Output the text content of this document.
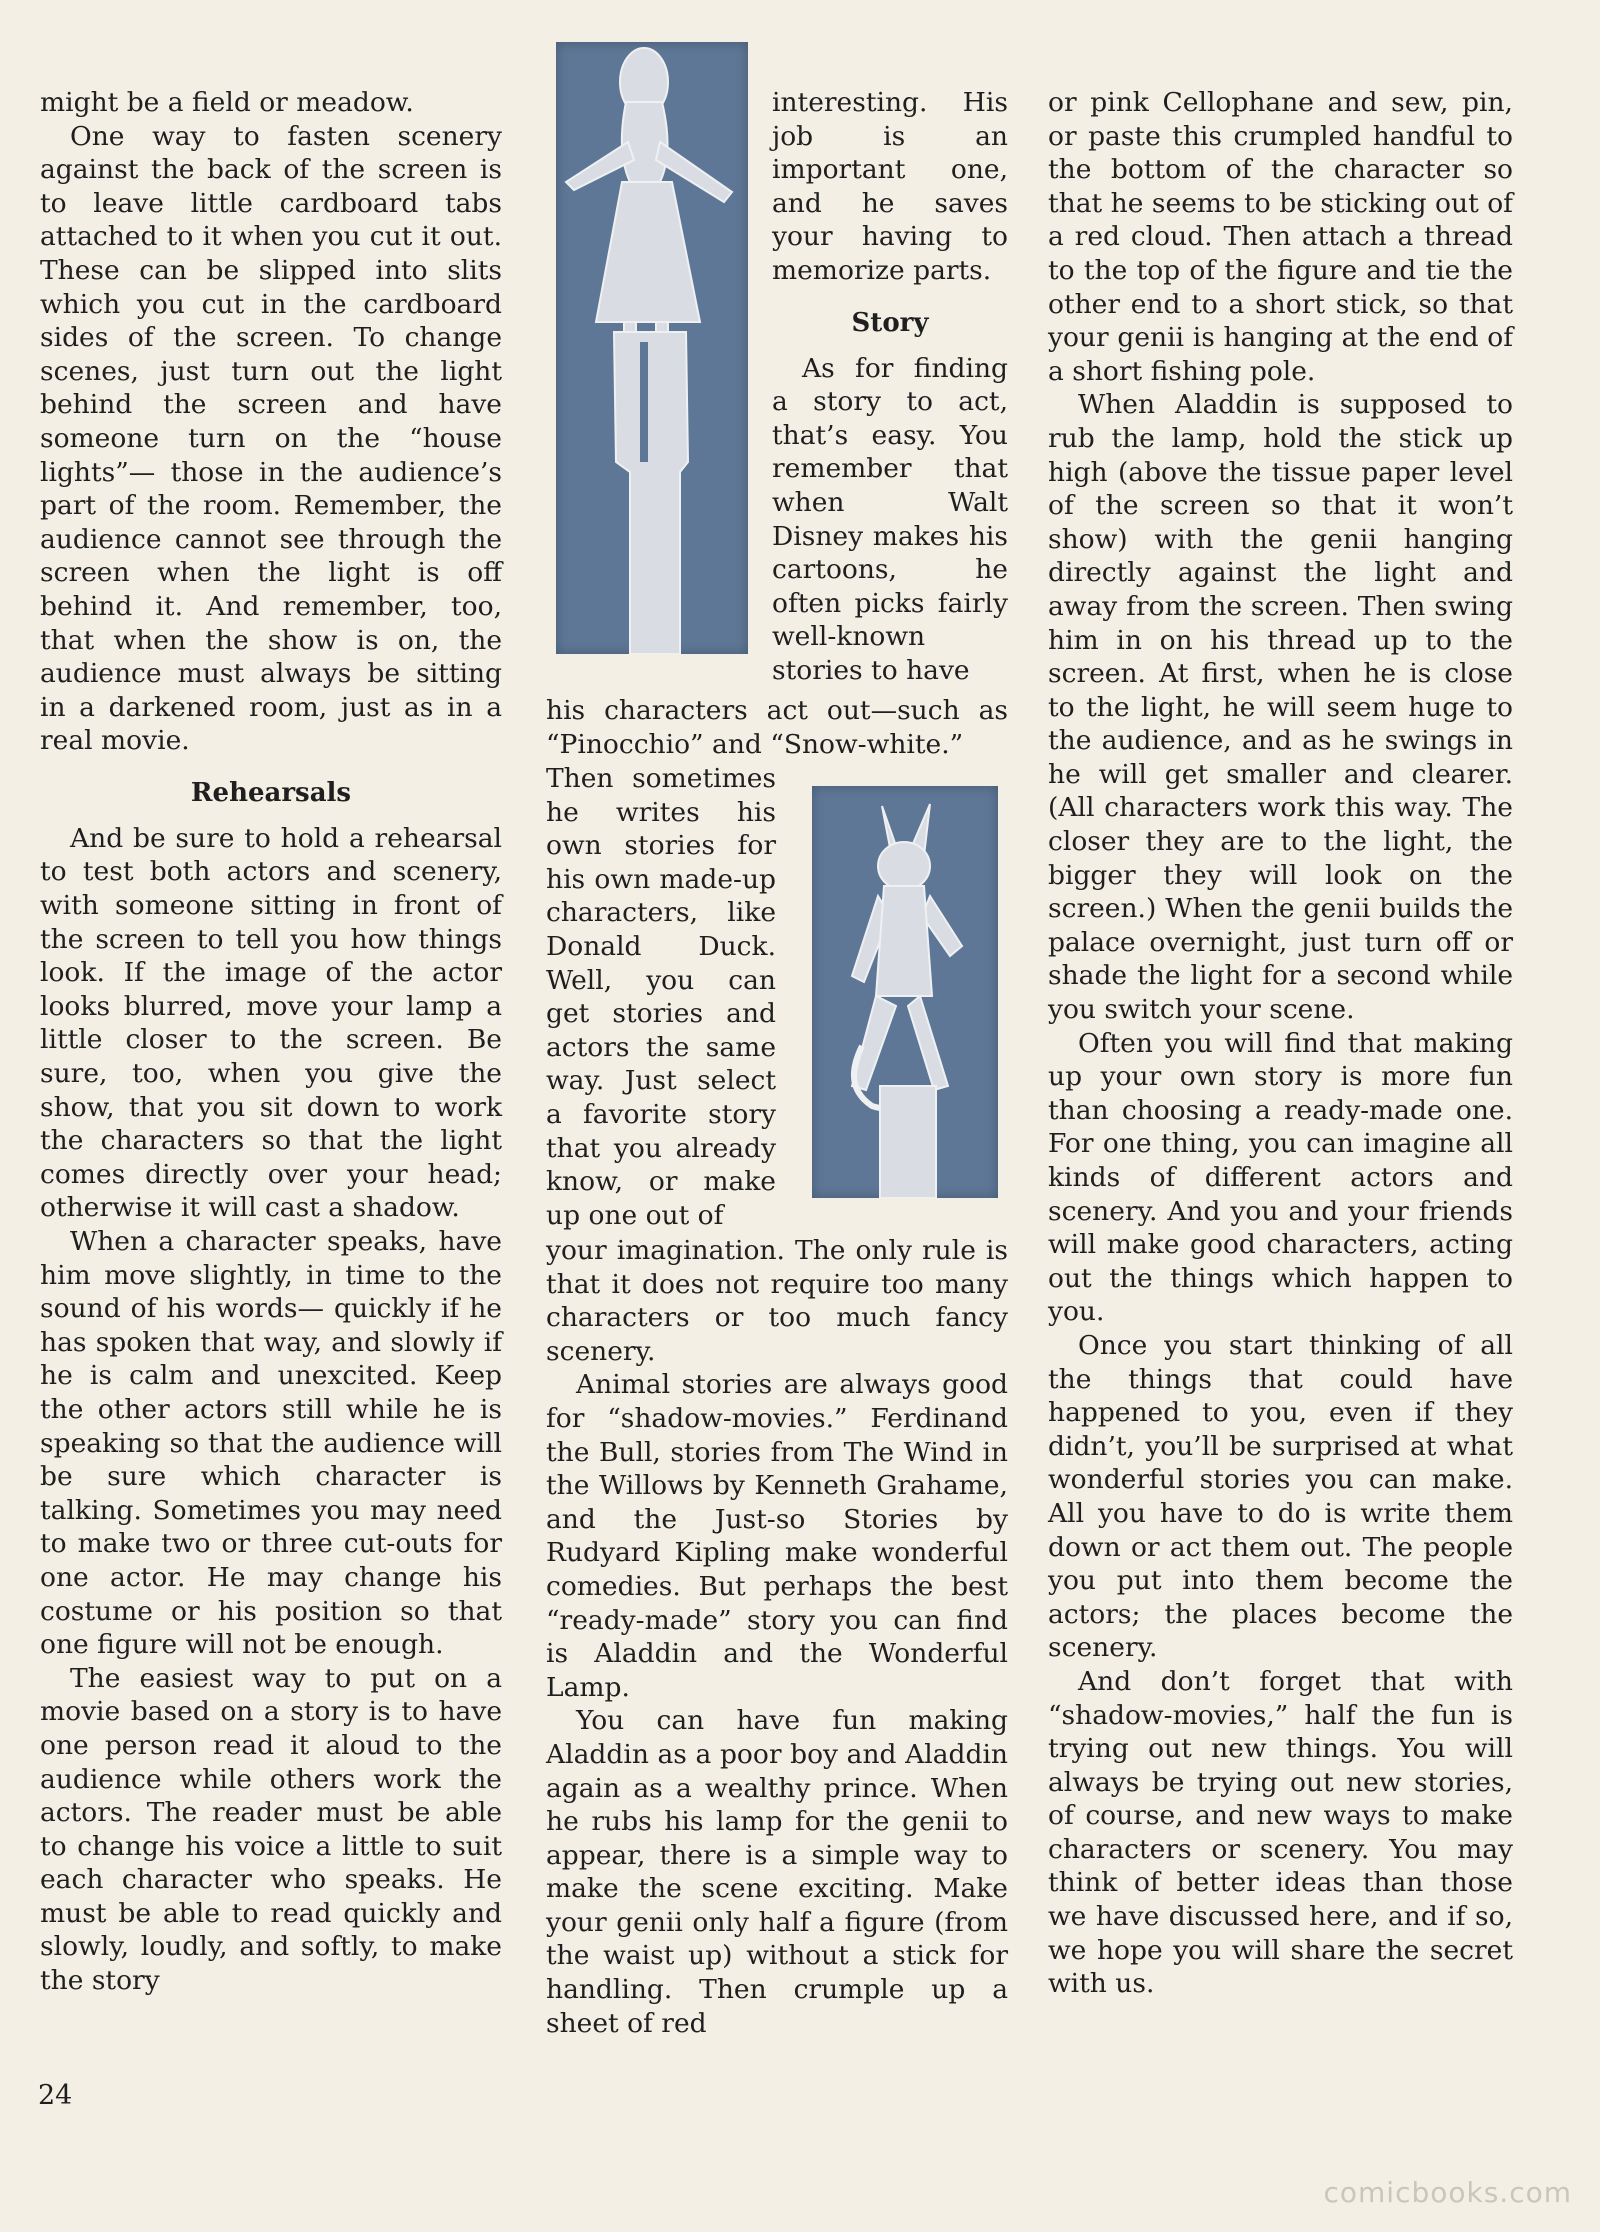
might be a field or meadow.

One way to fasten scenery against the back of the screen is to leave little cardboard tabs attached to it when you cut it out. These can be slipped into slits which you cut in the cardboard sides of the screen. To change scenes, just turn out the light behind the screen and have someone turn on the “house lights”— those in the audience’s part of the room. Remember, the audience cannot see through the screen when the light is off behind it. And remember, too, that when the show is on, the audience must always be sitting in a darkened room, just as in a real movie.

Rehearsals

And be sure to hold a rehearsal to test both actors and scenery, with someone sitting in front of the screen to tell you how things look. If the image of the actor looks blurred, move your lamp a little closer to the screen. Be sure, too, when you give the show, that you sit down to work the characters so that the light comes directly over your head; otherwise it will cast a shadow.

When a character speaks, have him move slightly, in time to the sound of his words— quickly if he has spoken that way, and slowly if he is calm and unexcited. Keep the other actors still while he is speaking so that the audience will be sure which character is talking. Sometimes you may need to make two or three cut-outs for one actor. He may change his costume or his position so that one figure will not be enough.

The easiest way to put on a movie based on a story is to have one person read it aloud to the audience while others work the actors. The reader must be able to change his voice a little to suit each character who speaks. He must be able to read quickly and slowly, loudly, and softly, to make the story

interesting. His job is an important one, and he saves your having to memorize parts.

Story

As for finding a story to act, that’s easy. You remember that when Walt Disney makes his cartoons, he often picks fairly well-known stories to have

his characters act out—such as “Pinocchio” and “Snow-white.”

Then sometimes he writes his own stories for his own made-up characters, like Donald Duck. Well, you can get stories and actors the same way. Just select a favorite story that you already know, or make up one out of

your imagination. The only rule is that it does not require too many characters or too much fancy scenery.

Animal stories are always good for “shadow-movies.” Ferdinand the Bull, stories from The Wind in the Willows by Kenneth Grahame, and the Just-so Stories by Rudyard Kipling make wonderful comedies. But perhaps the best “ready-made” story you can find is Aladdin and the Wonderful Lamp.

You can have fun making Aladdin as a poor boy and Aladdin again as a wealthy prince. When he rubs his lamp for the genii to appear, there is a simple way to make the scene exciting. Make your genii only half a figure (from the waist up) without a stick for handling. Then crumple up a sheet of red

or pink Cellophane and sew, pin, or paste this crumpled handful to the bottom of the character so that he seems to be sticking out of a red cloud. Then attach a thread to the top of the figure and tie the other end to a short stick, so that your genii is hanging at the end of a short fishing pole.

When Aladdin is supposed to rub the lamp, hold the stick up high (above the tissue paper level of the screen so that it won’t show) with the genii hanging directly against the light and away from the screen. Then swing him in on his thread up to the screen. At first, when he is close to the light, he will seem huge to the audience, and as he swings in he will get smaller and clearer. (All characters work this way. The closer they are to the light, the bigger they will look on the screen.) When the genii builds the palace overnight, just turn off or shade the light for a second while you switch your scene.

Often you will find that making up your own story is more fun than choosing a ready-made one. For one thing, you can imagine all kinds of different actors and scenery. And you and your friends will make good characters, acting out the things which happen to you.

Once you start thinking of all the things that could have happened to you, even if they didn’t, you’ll be surprised at what wonderful stories you can make. All you have to do is write them down or act them out. The people you put into them become the actors; the places become the scenery.

And don’t forget that with “shadow-movies,” half the fun is trying out new things. You will always be trying out new stories, of course, and new ways to make characters or scenery. You may think of better ideas than those we have discussed here, and if so, we hope you will share the secret with us.

24
comicbooks.com
